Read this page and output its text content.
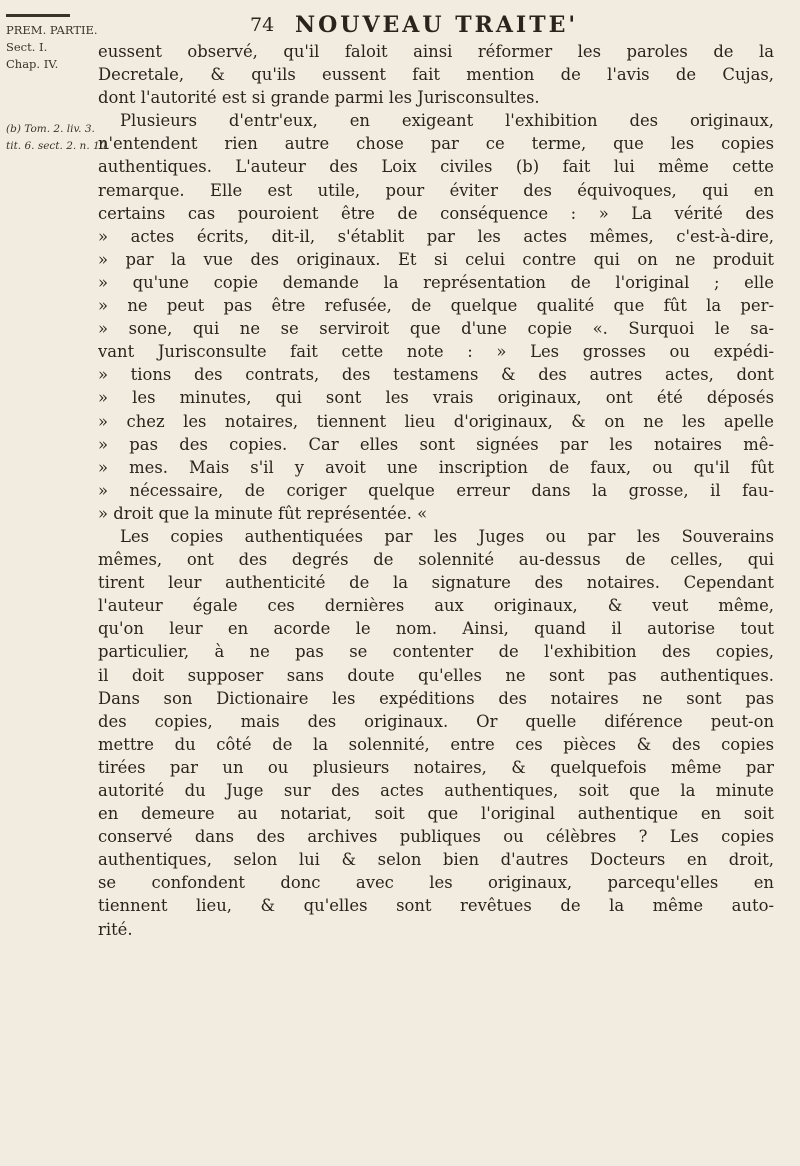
74 NOUVEAU TRAITE'
PREM. PARTIE.
Sect. I.
Chap. IV.
(b) Tom. 2. liv. 3.
tit. 6. sect. 2. n. 10.
eussent observé, qu'il faloit ainsi réformer les paroles de la
Decretale, & qu'ils eussent fait mention de l'avis de Cujas,
dont l'autorité est si grande parmi les Jurisconsultes.
Plusieurs d'entr'eux, en exigeant l'exhibition des originaux,
n'entendent rien autre chose par ce terme, que les copies
authentiques. L'auteur des Loix civiles (b) fait lui même cette
remarque. Elle est utile, pour éviter des équivoques, qui en
certains cas pouroient être de conséquence : » La vérité des
» actes écrits, dit-il, s'établit par les actes mêmes, c'est-à-dire,
» par la vue des originaux. Et si celui contre qui on ne produit
» qu'une copie demande la représentation de l'original ; elle
» ne peut pas être refusée, de quelque qualité que fût la per-
» sone, qui ne se serviroit que d'une copie «. Surquoi le sa-
vant Jurisconsulte fait cette note : » Les grosses ou expédi-
» tions des contrats, des testamens & des autres actes, dont
» les minutes, qui sont les vrais originaux, ont été déposés
» chez les notaires, tiennent lieu d'originaux, & on ne les apelle
» pas des copies. Car elles sont signées par les notaires mê-
» mes. Mais s'il y avoit une inscription de faux, ou qu'il fût
» nécessaire, de coriger quelque erreur dans la grosse, il fau-
» droit que la minute fût représentée. «
Les copies authentiquées par les Juges ou par les Souverains
mêmes, ont des degrés de solennité au-dessus de celles, qui
tirent leur authenticité de la signature des notaires. Cependant
l'auteur égale ces dernières aux originaux, & veut même,
qu'on leur en acorde le nom. Ainsi, quand il autorise tout
particulier, à ne pas se contenter de l'exhibition des copies,
il doit supposer sans doute qu'elles ne sont pas authentiques.
Dans son Dictionaire les expéditions des notaires ne sont pas
des copies, mais des originaux. Or quelle diférence peut-on
mettre du côté de la solennité, entre ces pièces & des copies
tirées par un ou plusieurs notaires, & quelquefois même par
autorité du Juge sur des actes authentiques, soit que la minute
en demeure au notariat, soit que l'original authentique en soit
conservé dans des archives publiques ou célèbres ? Les copies
authentiques, selon lui & selon bien d'autres Docteurs en droit,
se confondent donc avec les originaux, parcequ'elles en
tiennent lieu, & qu'elles sont revêtues de la même auto-
rité.
